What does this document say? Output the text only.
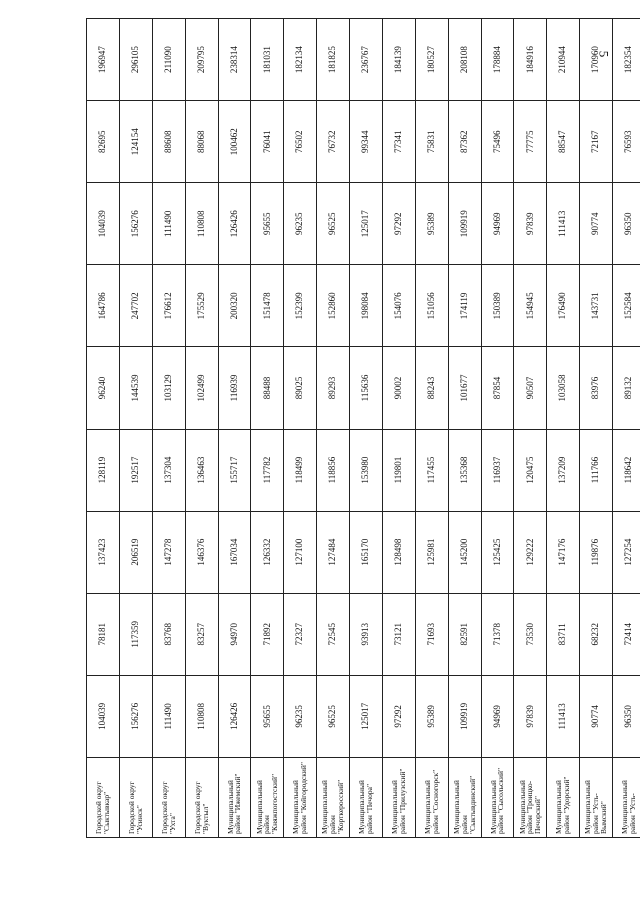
5
Городской округ "Сыктывкар"	104039	78181	137423	128119	96240	164786	104039	82695	196947
Городской округ "Усинск"	156276	117359	206519	192517	144539	247702	156276	124154	296105
Городской округ "Ухта"	111490	83768	147278	137304	103129	176612	111490	88608	211090
Городской округ "Вуктыл"	110808	83257	146376	136463	102499	175529	110808	88068	209795
Муниципальный район "Ижемский"	126426	94970	167034	155717	116939	200320	126426	100462	238314
Муниципальный район "Княжпогостский"	95655	71892	126332	117782	88488	151478	95655	76041	181031
Муниципальный район "Койгородский"	96235	72327	127100	118499	89025	152399	96235	76502	182134
Муниципальный район "Корткеросский"	96525	72545	127484	118856	89293	152860	96525	76732	181825
Муниципальный район "Печора"	125017	93913	165170	153980	115636	198084	125017	99344	236767
Муниципальный район "Прилузский"	97292	73121	128498	119801	90002	154076	97292	77341	184139
Муниципальный район "Сосногорск"	95389	71693	125981	117455	88243	151056	95389	75831	180527
Муниципальный район "Сыктывдинский"	109919	82591	145200	135368	101677	174119	109919	87362	208108
Муниципальный район "Сысольский"	94969	71378	125425	116937	87854	150389	94969	75496	178884
Муниципальный район "Троицко-Печорский"	97839	73530	129222	120475	90507	154945	97839	77775	184916
Муниципальный район "Удорский"	111413	83711	147176	137209	103058	176490	111413	88547	210944
Муниципальный район "Усть-Вымский"	90774	68232	119876	111766	83976	143731	90774	72167	170960
Муниципальный район "Усть-	96350	72414	127254	118642	89132	152584	96350	76593	182354
